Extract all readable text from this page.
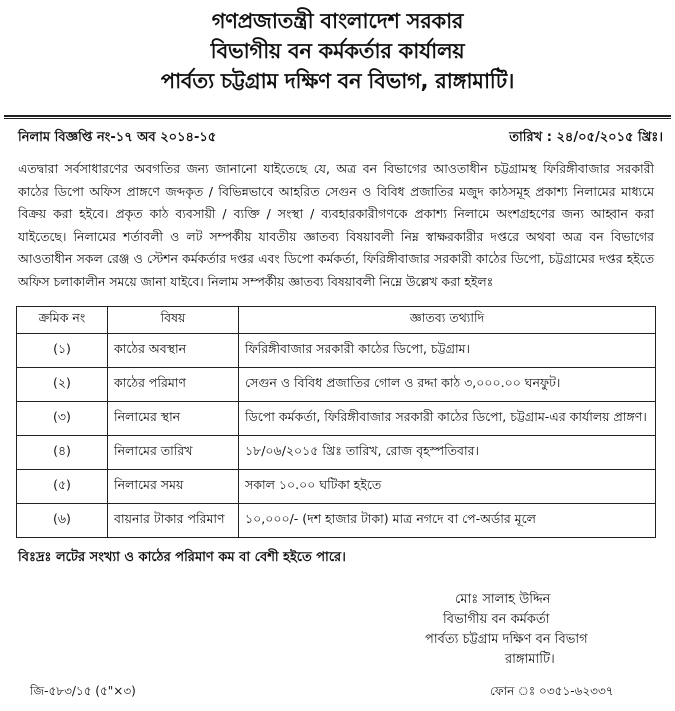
গণপ্রজাতন্ত্রী বাংলাদেশ সরকার
বিভাগীয় বন কর্মকর্তার কার্যালয়
পার্বত্য চট্টগ্রাম দক্ষিণ বন বিভাগ, রাঙ্গামাটি।
নিলাম বিজ্ঞপ্তি নং-১৭ অব ২০১৪-১৫	তারিখ : ২৪/০৫/২০১৫ খ্রিঃ।
এতদ্বারা সর্বসাধারণের অবগতির জন্য জানানো যাইতেছে যে, অত্র বন বিভাগের আওতাধীন চট্টগ্রামস্থ ফিরিঙ্গীবাজার সরকারী কাঠের ডিপো অফিস প্রাঙ্গণে জব্দকৃত / বিভিন্নভাবে আহরিত সেগুন ও বিবিধ প্রজাতির মজুদ কাঠসমূহ প্রকাশ্য নিলামের মাধ্যমে বিক্রয় করা হইবে। প্রকৃত কাঠ ব্যবসায়ী / ব্যক্তি / সংস্থা / ব্যবহারকারীগণকে প্রকাশ্য নিলামে অংশগ্রহণের জন্য আহ্বান করা যাইতেছে। নিলামের শর্তাবলী ও লট সম্পর্কীয় যাবতীয় জ্ঞাতব্য বিষয়াবলী নিম্ন স্বাক্ষরকারীর দপ্তরে অথবা অত্র বন বিভাগের আওতাধীন সকল রেঞ্জ ও স্টেশন কর্মকর্তার দপ্তর এবং ডিপো কর্মকর্তা, ফিরিঙ্গীবাজার সরকারী কাঠের ডিপো, চট্টগ্রামের দপ্তর হইতে অফিস চলাকালীন সময়ে জানা যাইবে। নিলাম সম্পর্কীয় জ্ঞাতব্য বিষয়াবলী নিম্নে উল্লেখ করা হইলঃ
ক্রমিক নং	বিষয়	জ্ঞাতব্য তথ্যাদি
(১)	কাঠের অবস্থান	ফিরিঙ্গীবাজার সরকারী কাঠের ডিপো, চট্টগ্রাম।
(২)	কাঠের পরিমাণ	সেগুন ও বিবিধ প্রজাতির গোল ও রদ্দা কাঠ ৩,০০০.০০ ঘনফুট।
(৩)	নিলামের স্থান	ডিপো কর্মকর্তা, ফিরিঙ্গীবাজার সরকারী কাঠের ডিপো, চট্টগ্রাম-এর কার্যালয় প্রাঙ্গণ।
(৪)	নিলামের তারিখ	১৮/০৬/২০১৫ খ্রিঃ তারিখ, রোজ বৃহস্পতিবার।
(৫)	নিলামের সময়	সকাল ১০.০০ ঘটিকা হইতে
(৬)	বায়নার টাকার পরিমাণ	১০,০০০/- (দশ হাজার টাকা) মাত্র নগদে বা পে-অর্ডার মূলে
বিঃদ্রঃ লটের সংখ্যা ও কাঠের পরিমাণ কম বা বেশী হইতে পারে।
মোঃ সালাহ উদ্দিন
বিভাগীয় বন কর্মকর্তা
পার্বত্য চট্টগ্রাম দক্ষিণ বন বিভাগ
রাঙ্গামাটি।
জি-৫৮৩/১৫ (৫"×৩)	ফোন ঃ ০৩৫১-৬২৩৩৭
